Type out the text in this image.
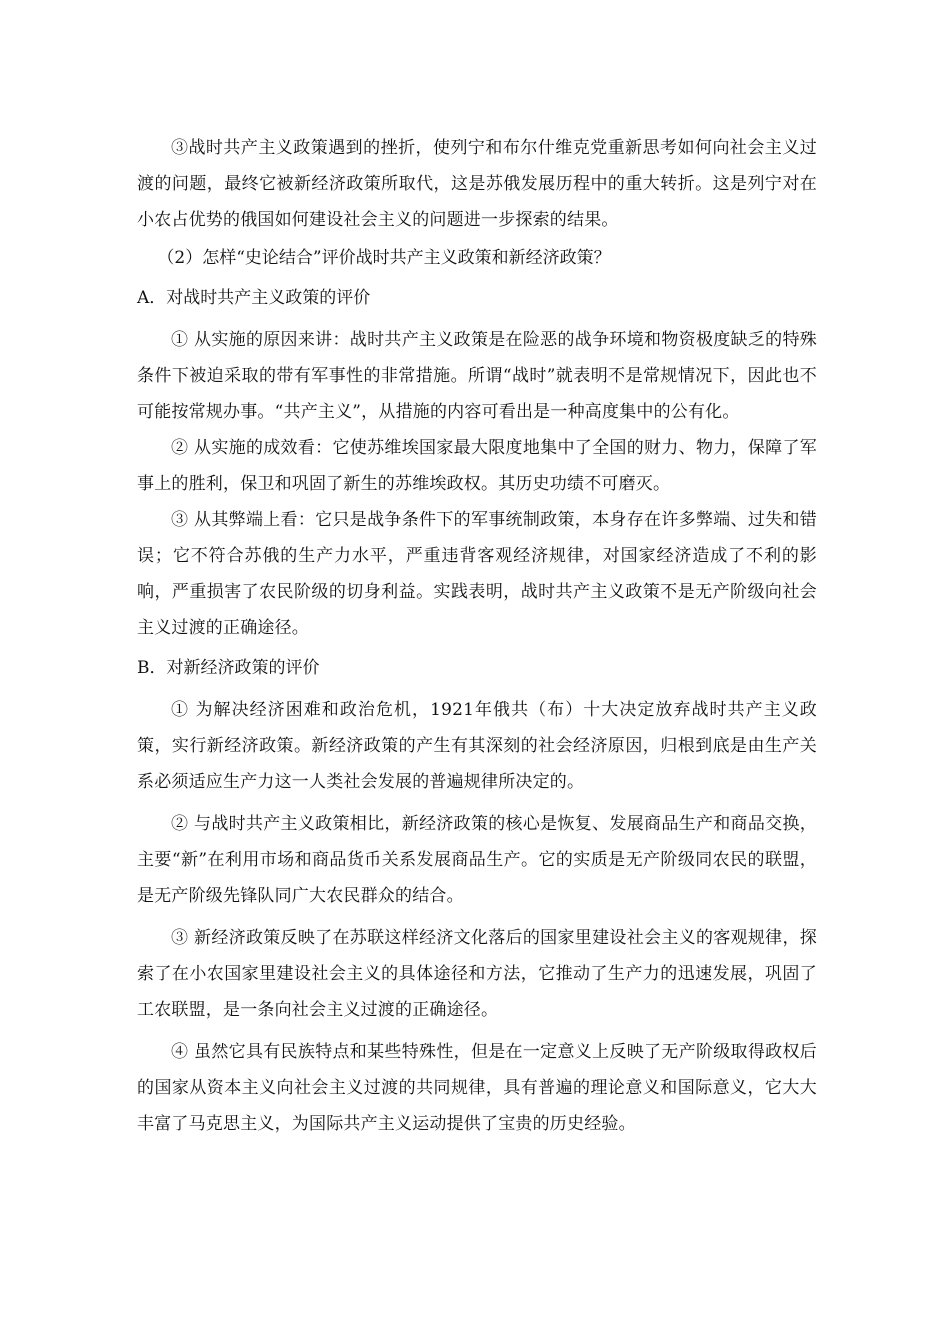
③战时共产主义政策遇到的挫折，使列宁和布尔什维克党重新思考如何向社会主义过渡的问题，最终它被新经济政策所取代，这是苏俄发展历程中的重大转折。这是列宁对在小农占优势的俄国如何建设社会主义的问题进一步探索的结果。

（2）怎样“史论结合”评价战时共产主义政策和新经济政策？

A．对战时共产主义政策的评价

① 从实施的原因来讲：战时共产主义政策是在险恶的战争环境和物资极度缺乏的特殊条件下被迫采取的带有军事性的非常措施。所谓“战时”就表明不是常规情况下，因此也不可能按常规办事。“共产主义”，从措施的内容可看出是一种高度集中的公有化。

② 从实施的成效看：它使苏维埃国家最大限度地集中了全国的财力、物力，保障了军事上的胜利，保卫和巩固了新生的苏维埃政权。其历史功绩不可磨灭。

③ 从其弊端上看：它只是战争条件下的军事统制政策，本身存在许多弊端、过失和错误；它不符合苏俄的生产力水平，严重违背客观经济规律，对国家经济造成了不利的影响，严重损害了农民阶级的切身利益。实践表明，战时共产主义政策不是无产阶级向社会主义过渡的正确途径。

B．对新经济政策的评价

① 为解决经济困难和政治危机，1921年俄共（布）十大决定放弃战时共产主义政策，实行新经济政策。新经济政策的产生有其深刻的社会经济原因，归根到底是由生产关系必须适应生产力这一人类社会发展的普遍规律所决定的。

② 与战时共产主义政策相比，新经济政策的核心是恢复、发展商品生产和商品交换，主要“新”在利用市场和商品货币关系发展商品生产。它的实质是无产阶级同农民的联盟，是无产阶级先锋队同广大农民群众的结合。

③ 新经济政策反映了在苏联这样经济文化落后的国家里建设社会主义的客观规律，探索了在小农国家里建设社会主义的具体途径和方法，它推动了生产力的迅速发展，巩固了工农联盟，是一条向社会主义过渡的正确途径。

④ 虽然它具有民族特点和某些特殊性，但是在一定意义上反映了无产阶级取得政权后的国家从资本主义向社会主义过渡的共同规律，具有普遍的理论意义和国际意义，它大大丰富了马克思主义，为国际共产主义运动提供了宝贵的历史经验。
